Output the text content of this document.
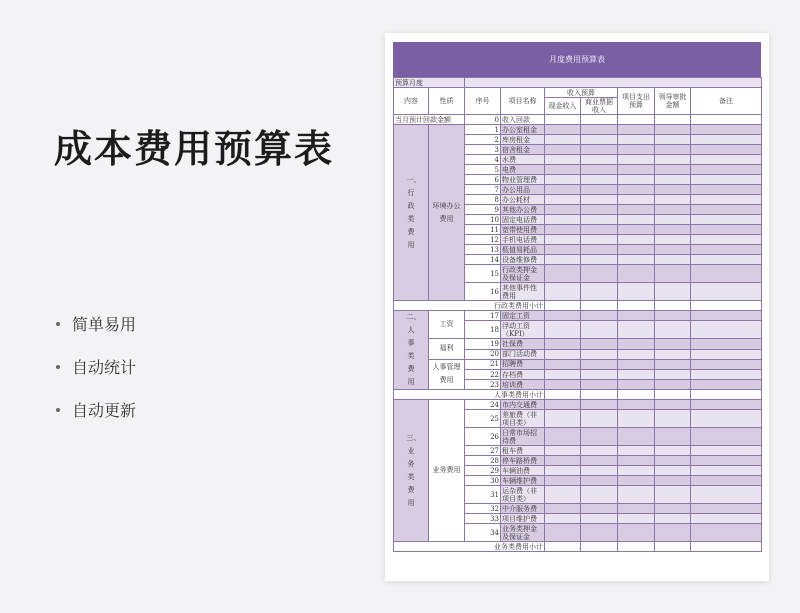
成本费用预算表
简单易用
自动统计
自动更新
月度费用预算表
预算月度								
内容	性质	序号	项目名称	收入预算		项目支出预算	领导审批金额	备注
				现金收入	商业票据收入			
当月预计回款金额		0	收入回款					
一、行政类费用	环境办公费用	1	办公室租金					
		2	库房租金					
		3	宿舍租金					
		4	水费					
		5	电费					
		6	物业管理费					
		7	办公用品					
		8	办公耗材					
		9	其他办公费					
		10	固定电话费					
		11	宽带使用费					
		12	手机电话费					
		13	低值易耗品					
		14	设备维修费					
		15	行政类押金及保证金					
		16	其他事件性费用					
行政类费用小计								
二、人事类费用	工资	17	固定工资					
		18	浮动工资（KPI）					
	福利	19	社保费					
		20	部门活动费					
	人事管理费用	21	招聘费					
		22	存档费					
		23	培训费					
人事类费用小计								
三、业务类费用	业务费用	24	市内交通费					
		25	差旅费（非项目类）					
		26	日常市场招待费					
		27	租车费					
		28	停车路桥费					
		29	车辆油费					
		30	车辆维护费					
		31	运杂费（非项目类）					
		32	中介服务费					
		33	项目维护费					
		34	业务类押金及保证金					
业务类费用小计								
